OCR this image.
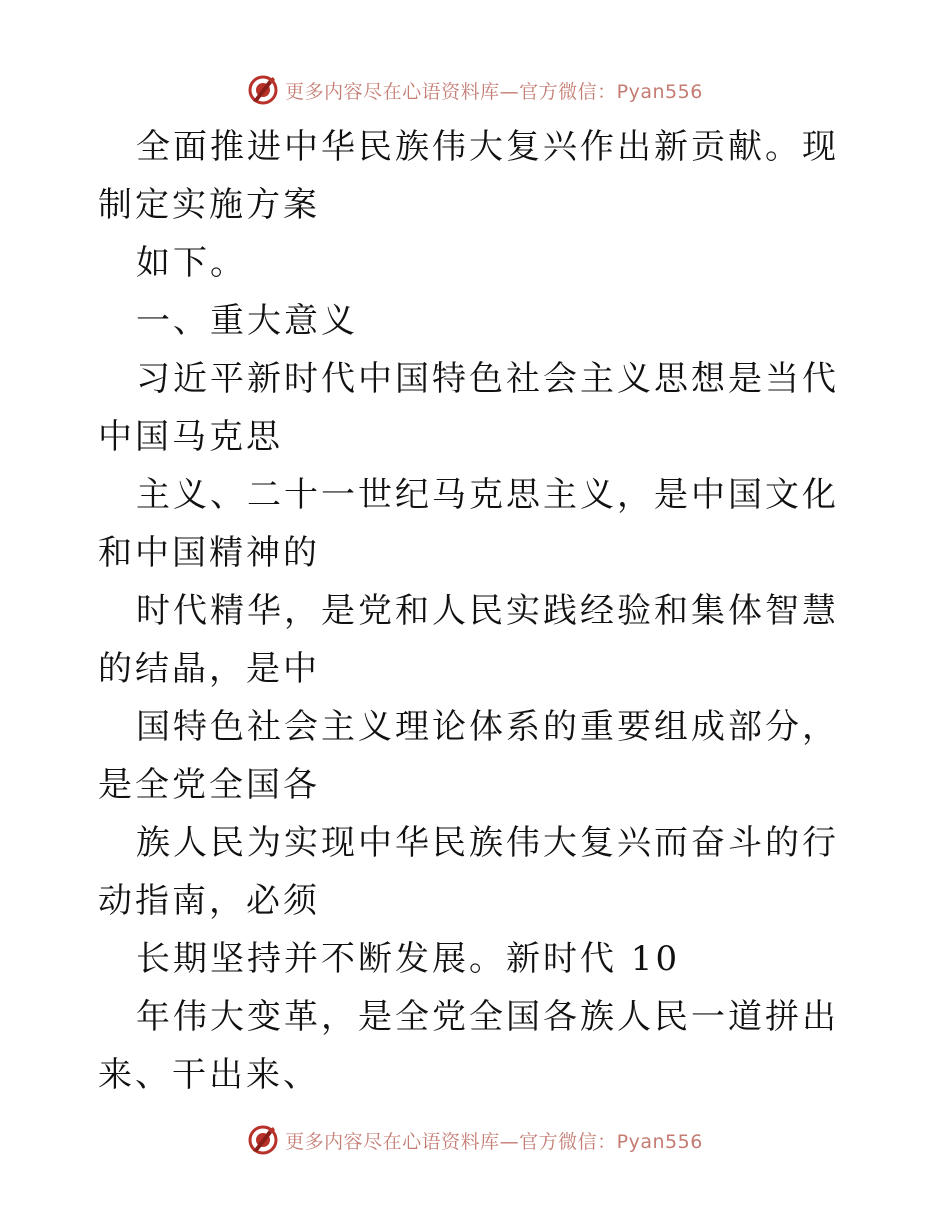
更多内容尽在心语资料库—官方微信：Pyan556

全面推进中华民族伟大复兴作出新贡献。现制定实施方案

如下。

一、重大意义

习近平新时代中国特色社会主义思想是当代中国马克思

主义、二十一世纪马克思主义，是中国文化和中国精神的

时代精华，是党和人民实践经验和集体智慧的结晶，是中

国特色社会主义理论体系的重要组成部分，是全党全国各

族人民为实现中华民族伟大复兴而奋斗的行动指南，必须

长期坚持并不断发展。新时代 10

年伟大变革，是全党全国各族人民一道拼出来、干出来、

更多内容尽在心语资料库—官方微信：Pyan556
